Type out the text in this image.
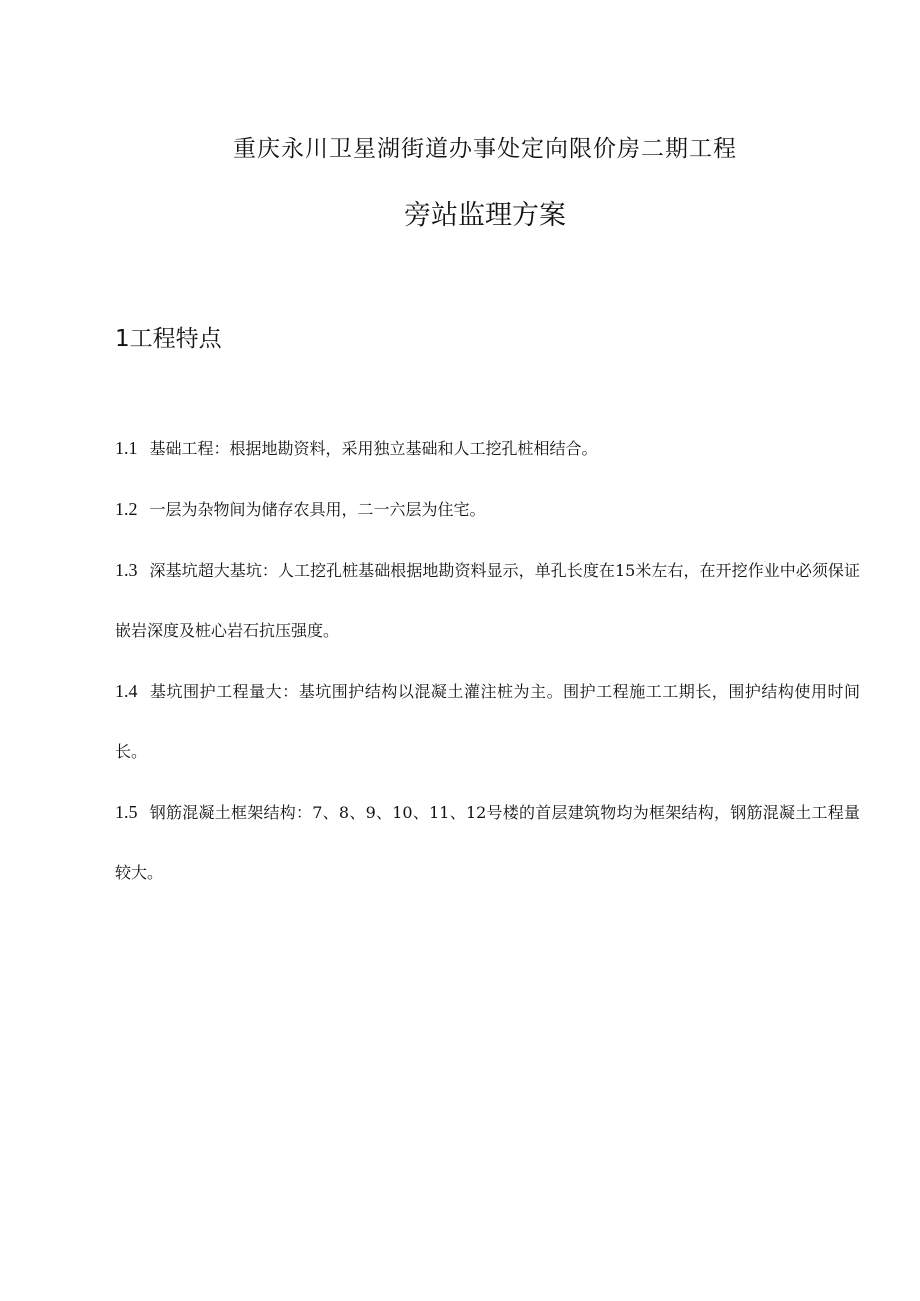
重庆永川卫星湖街道办事处定向限价房二期工程
旁站监理方案
1工程特点

1.1 基础工程：根据地勘资料，采用独立基础和人工挖孔桩相结合。

1.2 一层为杂物间为储存农具用，二一六层为住宅。

1.3 深基坑超大基坑：人工挖孔桩基础根据地勘资料显示，单孔长度在15米左右，在开挖作业中必须保证嵌岩深度及桩心岩石抗压强度。

1.4 基坑围护工程量大：基坑围护结构以混凝土灌注桩为主。围护工程施工工期长，围护结构使用时间长。

1.5 钢筋混凝土框架结构：7、8、9、10、11、12号楼的首层建筑物均为框架结构，钢筋混凝土工程量较大。
